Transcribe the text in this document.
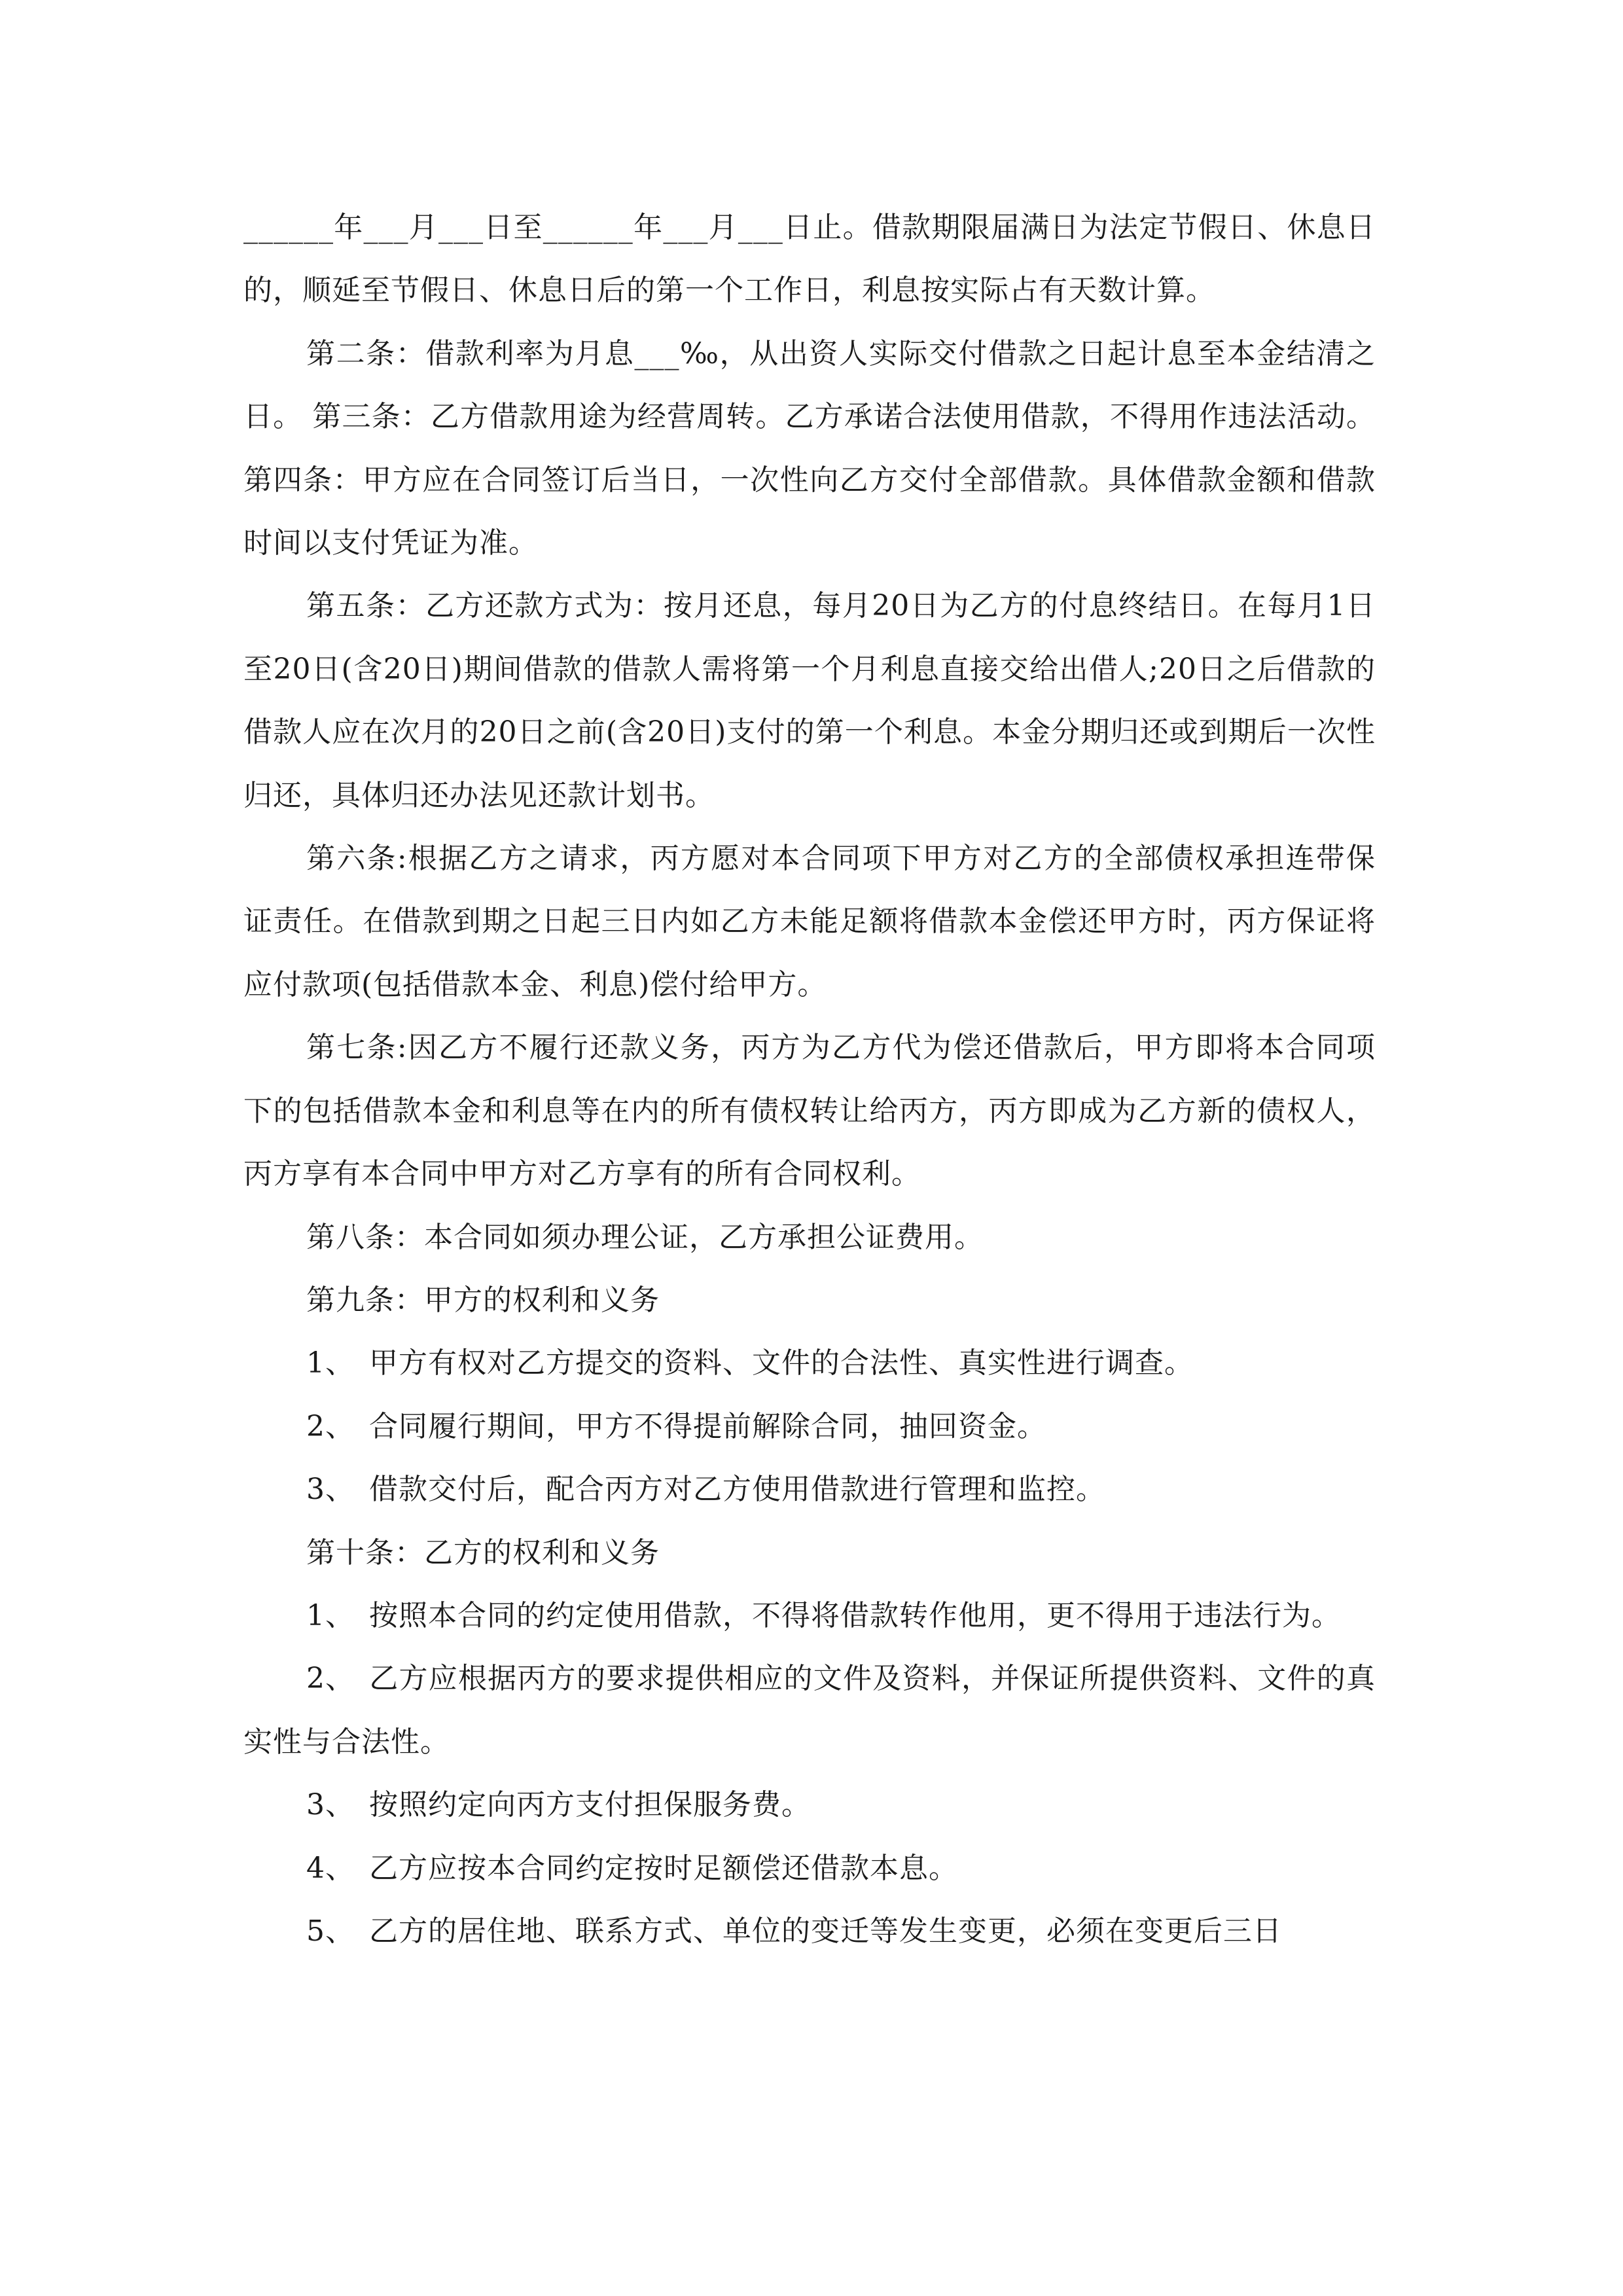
______年___月___日至______年___月___日止。借款期限届满日为法定节假日、休息日的，顺延至节假日、休息日后的第一个工作日，利息按实际占有天数计算。

第二条：借款利率为月息___‰，从出资人实际交付借款之日起计息至本金结清之日。 第三条：乙方借款用途为经营周转。乙方承诺合法使用借款，不得用作违法活动。 第四条：甲方应在合同签订后当日，一次性向乙方交付全部借款。具体借款金额和借款时间以支付凭证为准。

第五条：乙方还款方式为：按月还息，每月20日为乙方的付息终结日。在每月1日至20日(含20日)期间借款的借款人需将第一个月利息直接交给出借人;20日之后借款的借款人应在次月的20日之前(含20日)支付的第一个利息。本金分期归还或到期后一次性归还，具体归还办法见还款计划书。

第六条:根据乙方之请求，丙方愿对本合同项下甲方对乙方的全部债权承担连带保证责任。在借款到期之日起三日内如乙方未能足额将借款本金偿还甲方时，丙方保证将应付款项(包括借款本金、利息)偿付给甲方。

第七条:因乙方不履行还款义务，丙方为乙方代为偿还借款后，甲方即将本合同项下的包括借款本金和利息等在内的所有债权转让给丙方，丙方即成为乙方新的债权人，丙方享有本合同中甲方对乙方享有的所有合同权利。

第八条：本合同如须办理公证，乙方承担公证费用。

第九条：甲方的权利和义务

1、 甲方有权对乙方提交的资料、文件的合法性、真实性进行调查。

2、 合同履行期间，甲方不得提前解除合同，抽回资金。

3、 借款交付后，配合丙方对乙方使用借款进行管理和监控。

第十条：乙方的权利和义务

1、 按照本合同的约定使用借款，不得将借款转作他用，更不得用于违法行为。

2、 乙方应根据丙方的要求提供相应的文件及资料，并保证所提供资料、文件的真实性与合法性。

3、 按照约定向丙方支付担保服务费。

4、 乙方应按本合同约定按时足额偿还借款本息。

5、 乙方的居住地、联系方式、单位的变迁等发生变更，必须在变更后三日
